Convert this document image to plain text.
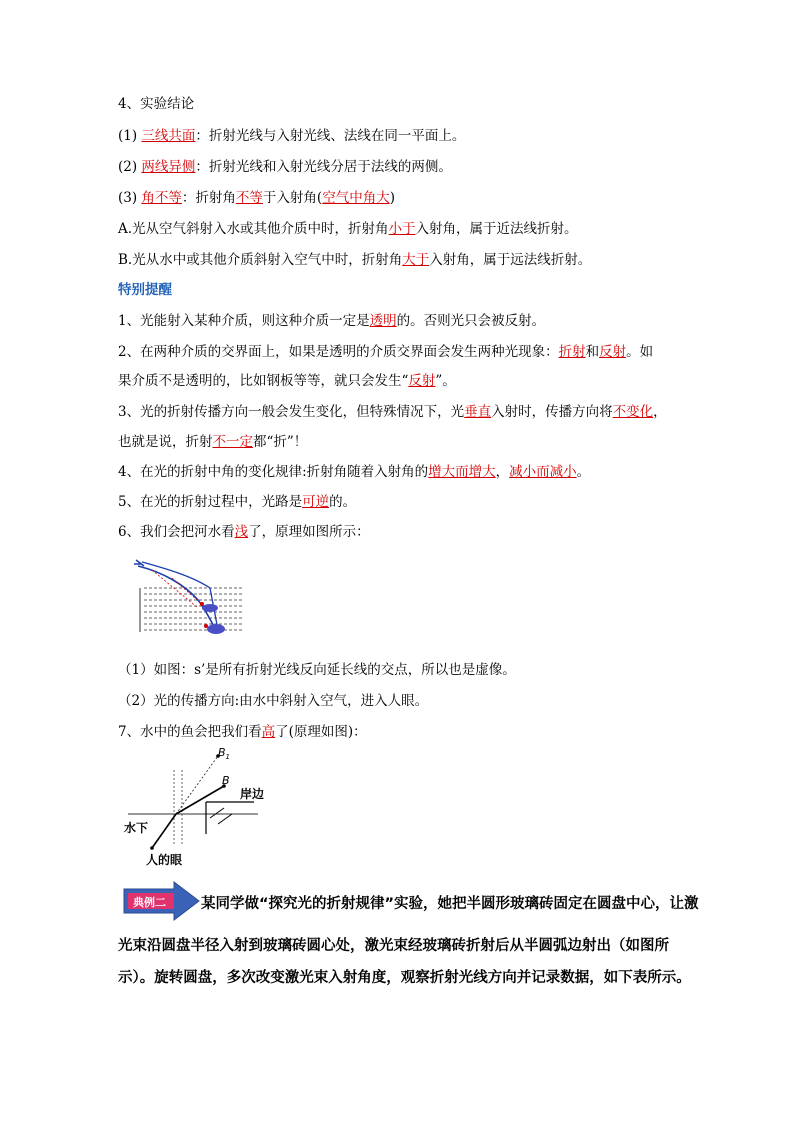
4、实验结论
(1) 三线共面：折射光线与入射光线、法线在同一平面上。
(2) 两线异侧：折射光线和入射光线分居于法线的两侧。
(3) 角不等：折射角不等于入射角(空气中角大)
A.光从空气斜射入水或其他介质中时，折射角小于入射角，属于近法线折射。
B.光从水中或其他介质斜射入空气中时，折射角大于入射角，属于远法线折射。
特别提醒
1、光能射入某种介质，则这种介质一定是透明的。否则光只会被反射。
2、在两种介质的交界面上，如果是透明的介质交界面会发生两种光现象：折射和反射。如
果介质不是透明的，比如钢板等等，就只会发生“反射”。
3、光的折射传播方向一般会发生变化，但特殊情况下，光垂直入射时，传播方向将不变化，
也就是说，折射不一定都“折”！
4、在光的折射中角的变化规律:折射角随着入射角的增大而增大，减小而减小。
5、在光的折射过程中，光路是可逆的。
6、我们会把河水看浅了，原理如图所示：
（1）如图：s’是所有折射光线反向延长线的交点，所以也是虚像。
（2）光的传播方向:由水中斜射入空气，进入人眼。
7、水中的鱼会把我们看高了(原理如图)：
$B_1$
B
岸边
水下
人的眼
典例二 某同学做“探究光的折射规律”实验，她把半圆形玻璃砖固定在圆盘中心，让激
光束沿圆盘半径入射到玻璃砖圆心处，激光束经玻璃砖折射后从半圆弧边射出（如图所
示）。旋转圆盘，多次改变激光束入射角度，观察折射光线方向并记录数据，如下表所示。
